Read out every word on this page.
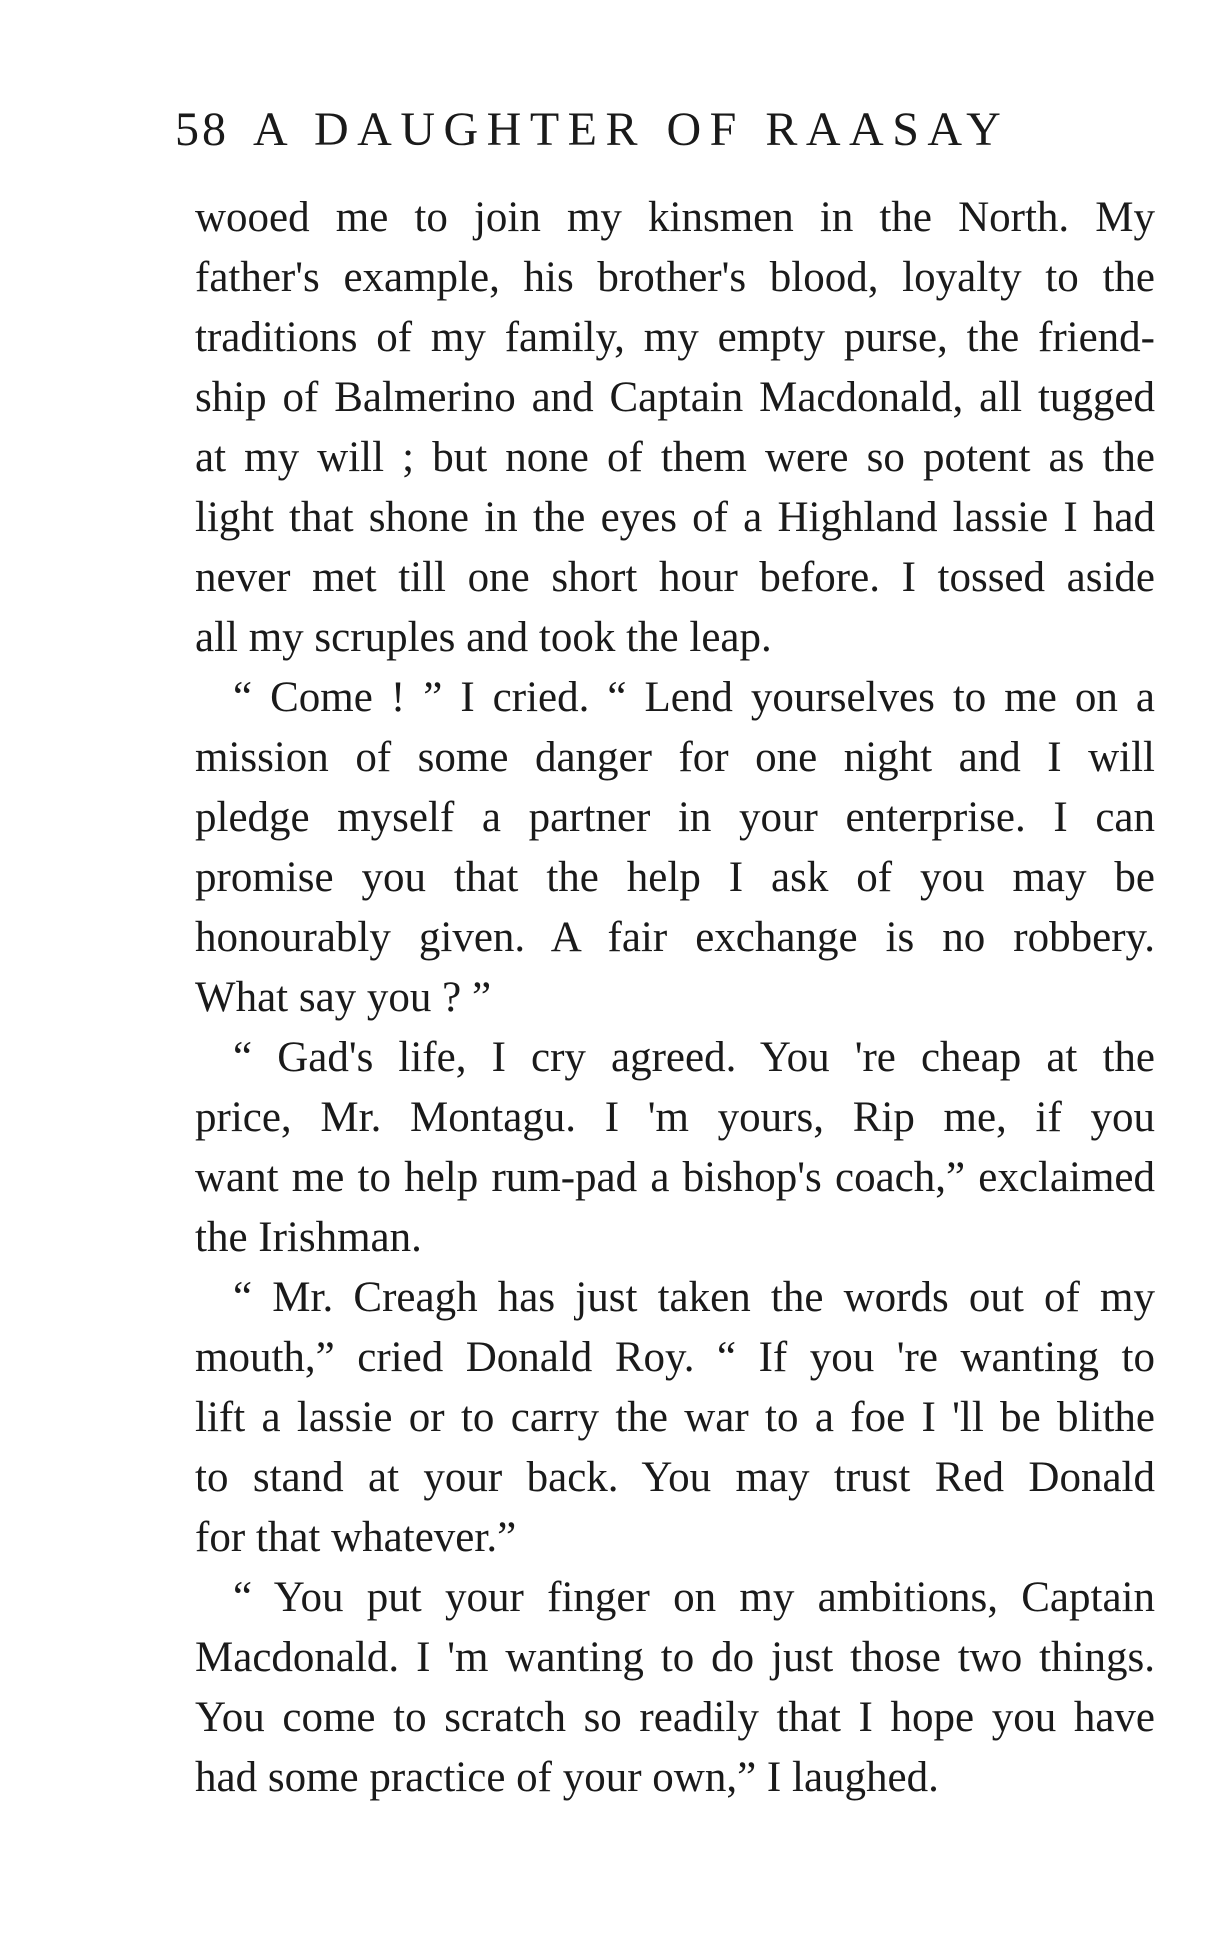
58 A DAUGHTER OF RAASAY
wooed me to join my kinsmen in the North. My
father's example, his brother's blood, loyalty to the
traditions of my family, my empty purse, the friend-
ship of Balmerino and Captain Macdonald, all tugged
at my will ; but none of them were so potent as the
light that shone in the eyes of a Highland lassie I had
never met till one short hour before. I tossed aside
all my scruples and took the leap.
“ Come ! ” I cried. “ Lend yourselves to me on a
mission of some danger for one night and I will
pledge myself a partner in your enterprise. I can
promise you that the help I ask of you may be
honourably given. A fair exchange is no robbery.
What say you ? ”
“ Gad's life, I cry agreed. You 're cheap at the
price, Mr. Montagu. I 'm yours, Rip me, if you
want me to help rum-pad a bishop's coach,” exclaimed
the Irishman.
“ Mr. Creagh has just taken the words out of my
mouth,” cried Donald Roy. “ If you 're wanting to
lift a lassie or to carry the war to a foe I 'll be blithe
to stand at your back. You may trust Red Donald
for that whatever.”
“ You put your finger on my ambitions, Captain
Macdonald. I 'm wanting to do just those two things.
You come to scratch so readily that I hope you have
had some practice of your own,” I laughed.
